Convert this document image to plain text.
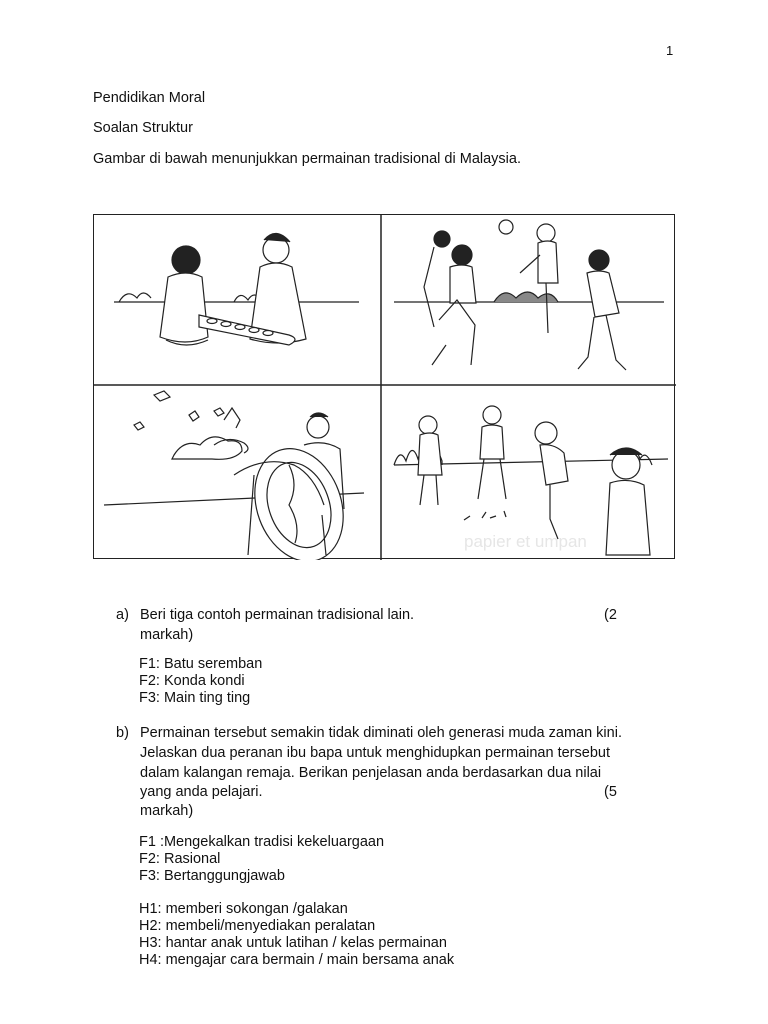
1
Pendidikan Moral
Soalan Struktur
Gambar di bawah menunjukkan permainan tradisional di Malaysia.
papier et umpan
a) Beri tiga contoh permainan tradisional lain.	(2
markah)
F1: Batu seremban
F2: Konda kondi
F3: Main ting ting
b) Permainan tersebut semakin tidak diminati oleh generasi muda zaman kini.
Jelaskan dua peranan ibu bapa untuk menghidupkan permainan tersebut
dalam kalangan remaja. Berikan penjelasan anda berdasarkan dua nilai
yang anda pelajari.	(5
markah)
F1 :Mengekalkan tradisi kekeluargaan
F2: Rasional
F3: Bertanggungjawab
H1: memberi sokongan /galakan
H2: membeli/menyediakan peralatan
H3: hantar anak untuk latihan / kelas permainan
H4: mengajar cara bermain / main bersama anak
